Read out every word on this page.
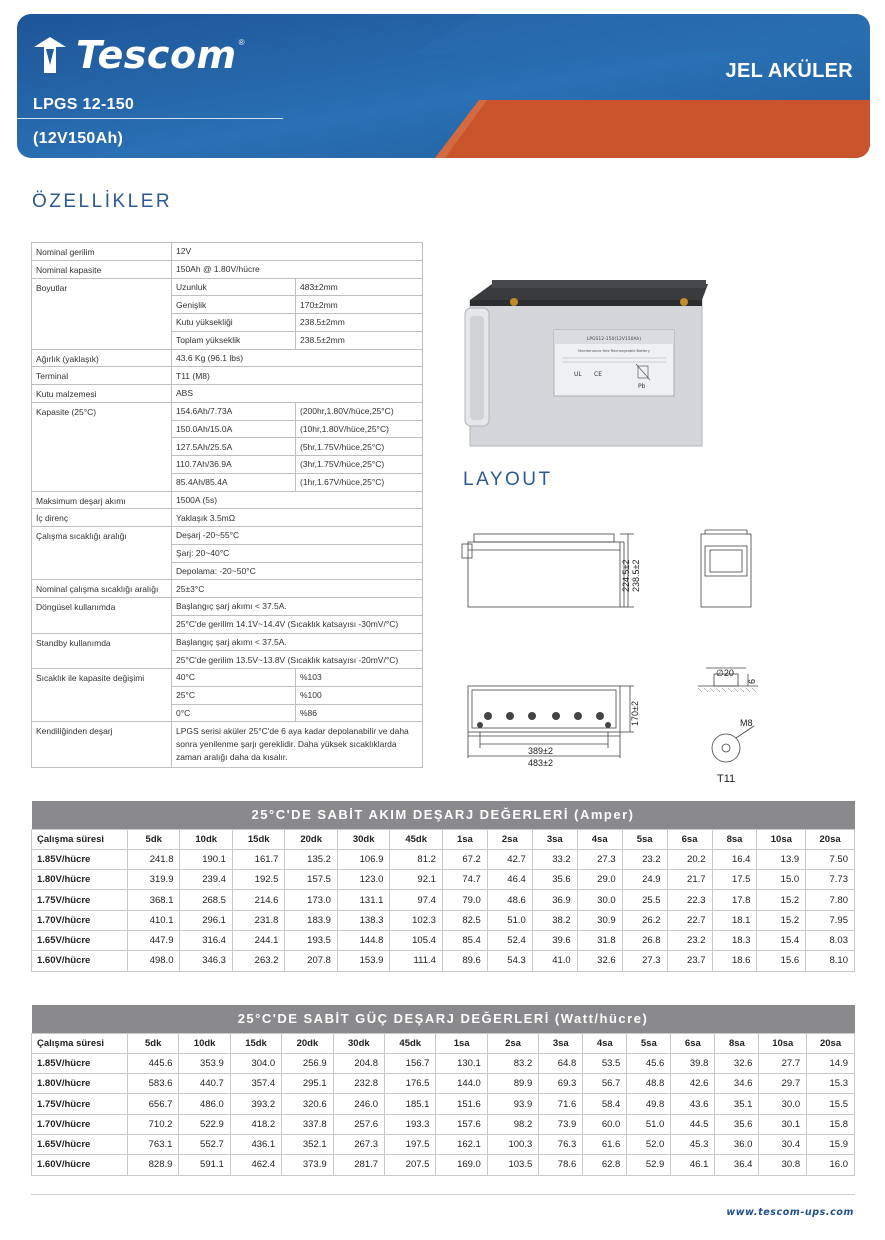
Tescom ®
LPGS 12-150
(12V150Ah)
JEL AKÜLER
ÖZELLİKLER
Nominal gerilim	12V	
Nominal kapasite	150Ah @ 1.80V/hücre	
Boyutlar	Uzunluk	483±2mm
	Genişlik	170±2mm
	Kutu yüksekliği	238.5±2mm
	Toplam yükseklik	238.5±2mm
Ağırlık (yaklaşık)	43.6 Kg (96.1 lbs)	
Terminal	T11 (M8)	
Kutu malzemesi	ABS	
Kapasite (25°C)	154.6Ah/7.73A	(200hr,1.80V/hüce,25°C)
	150.0Ah/15.0A	(10hr,1.80V/hüce,25°C)
	127.5Ah/25.5A	(5hr,1.75V/hüce,25°C)
	110.7Ah/36.9A	(3hr,1.75V/hüce,25°C)
	85.4Ah/85.4A	(1hr,1.67V/hüce,25°C)
Maksimum deşarj akımı	1500A (5s)	
İç direnç	Yaklaşık 3.5mΩ	
Çalışma sıcaklığı aralığı	Deşarj -20~55°C	
	Şarj: 20~40°C	
	Depolama: -20~50°C	
Nominal çalışma sıcaklığı aralığı	25±3°C	
Döngüsel kullanımda	Başlangıç şarj akımı < 37.5A.	
	25°C'de gerilim 14.1V~14.4V (Sıcaklık katsayısı -30mV/°C)	
Standby kullanımda	Başlangıç şarj akımı < 37.5A.	
	25°C'de gerilim 13.5V~13.8V (Sıcaklık katsayısı -20mV/°C)	
Sıcaklık ile kapasite değişimi	40°C	%103
	25°C	%100
	0°C	%86
Kendiliğinden deşarj	LPGS serisi aküler 25°C'de 6 aya kadar depolanabilir ve daha sonra yenilenme şarjı gereklidir. Daha yüksek sıcaklıklarda zaman aralığı daha da kısalır.	
LPGS12-150(12V150Ah)
Maintenance-free Rechargeable Battery
UL CE
Pb
LAYOUT
224.5±2 238.5±2
170±2
389±2
483±2
∅20
6
M8
T11
25°C'DE SABİT AKIM DEŞARJ DEĞERLERİ (Amper)															
Çalışma süresi	5dk	10dk	15dk	20dk	30dk	45dk	1sa	2sa	3sa	4sa	5sa	6sa	8sa	10sa	20sa
1.85V/hücre	241.8	190.1	161.7	135.2	106.9	81.2	67.2	42.7	33.2	27.3	23.2	20.2	16.4	13.9	7.50
1.80V/hücre	319.9	239.4	192.5	157.5	123.0	92.1	74.7	46.4	35.6	29.0	24.9	21.7	17.5	15.0	7.73
1.75V/hücre	368.1	268.5	214.6	173.0	131.1	97.4	79.0	48.6	36.9	30.0	25.5	22.3	17.8	15.2	7.80
1.70V/hücre	410.1	296.1	231.8	183.9	138.3	102.3	82.5	51.0	38.2	30.9	26.2	22.7	18.1	15.2	7.95
1.65V/hücre	447.9	316.4	244.1	193.5	144.8	105.4	85.4	52.4	39.6	31.8	26.8	23.2	18.3	15.4	8.03
1.60V/hücre	498.0	346.3	263.2	207.8	153.9	111.4	89.6	54.3	41.0	32.6	27.3	23.7	18.6	15.6	8.10
25°C'DE SABİT GÜÇ DEŞARJ DEĞERLERİ (Watt/hücre)															
Çalışma süresi	5dk	10dk	15dk	20dk	30dk	45dk	1sa	2sa	3sa	4sa	5sa	6sa	8sa	10sa	20sa
1.85V/hücre	445.6	353.9	304.0	256.9	204.8	156.7	130.1	83.2	64.8	53.5	45.6	39.8	32.6	27.7	14.9
1.80V/hücre	583.6	440.7	357.4	295.1	232.8	176.5	144.0	89.9	69.3	56.7	48.8	42.6	34.6	29.7	15.3
1.75V/hücre	656.7	486.0	393.2	320.6	246.0	185.1	151.6	93.9	71.6	58.4	49.8	43.6	35.1	30.0	15.5
1.70V/hücre	710.2	522.9	418.2	337.8	257.6	193.3	157.6	98.2	73.9	60.0	51.0	44.5	35.6	30.1	15.8
1.65V/hücre	763.1	552.7	436.1	352.1	267.3	197.5	162.1	100.3	76.3	61.6	52.0	45.3	36.0	30.4	15.9
1.60V/hücre	828.9	591.1	462.4	373.9	281.7	207.5	169.0	103.5	78.6	62.8	52.9	46.1	36.4	30.8	16.0
www.tescom-ups.com
